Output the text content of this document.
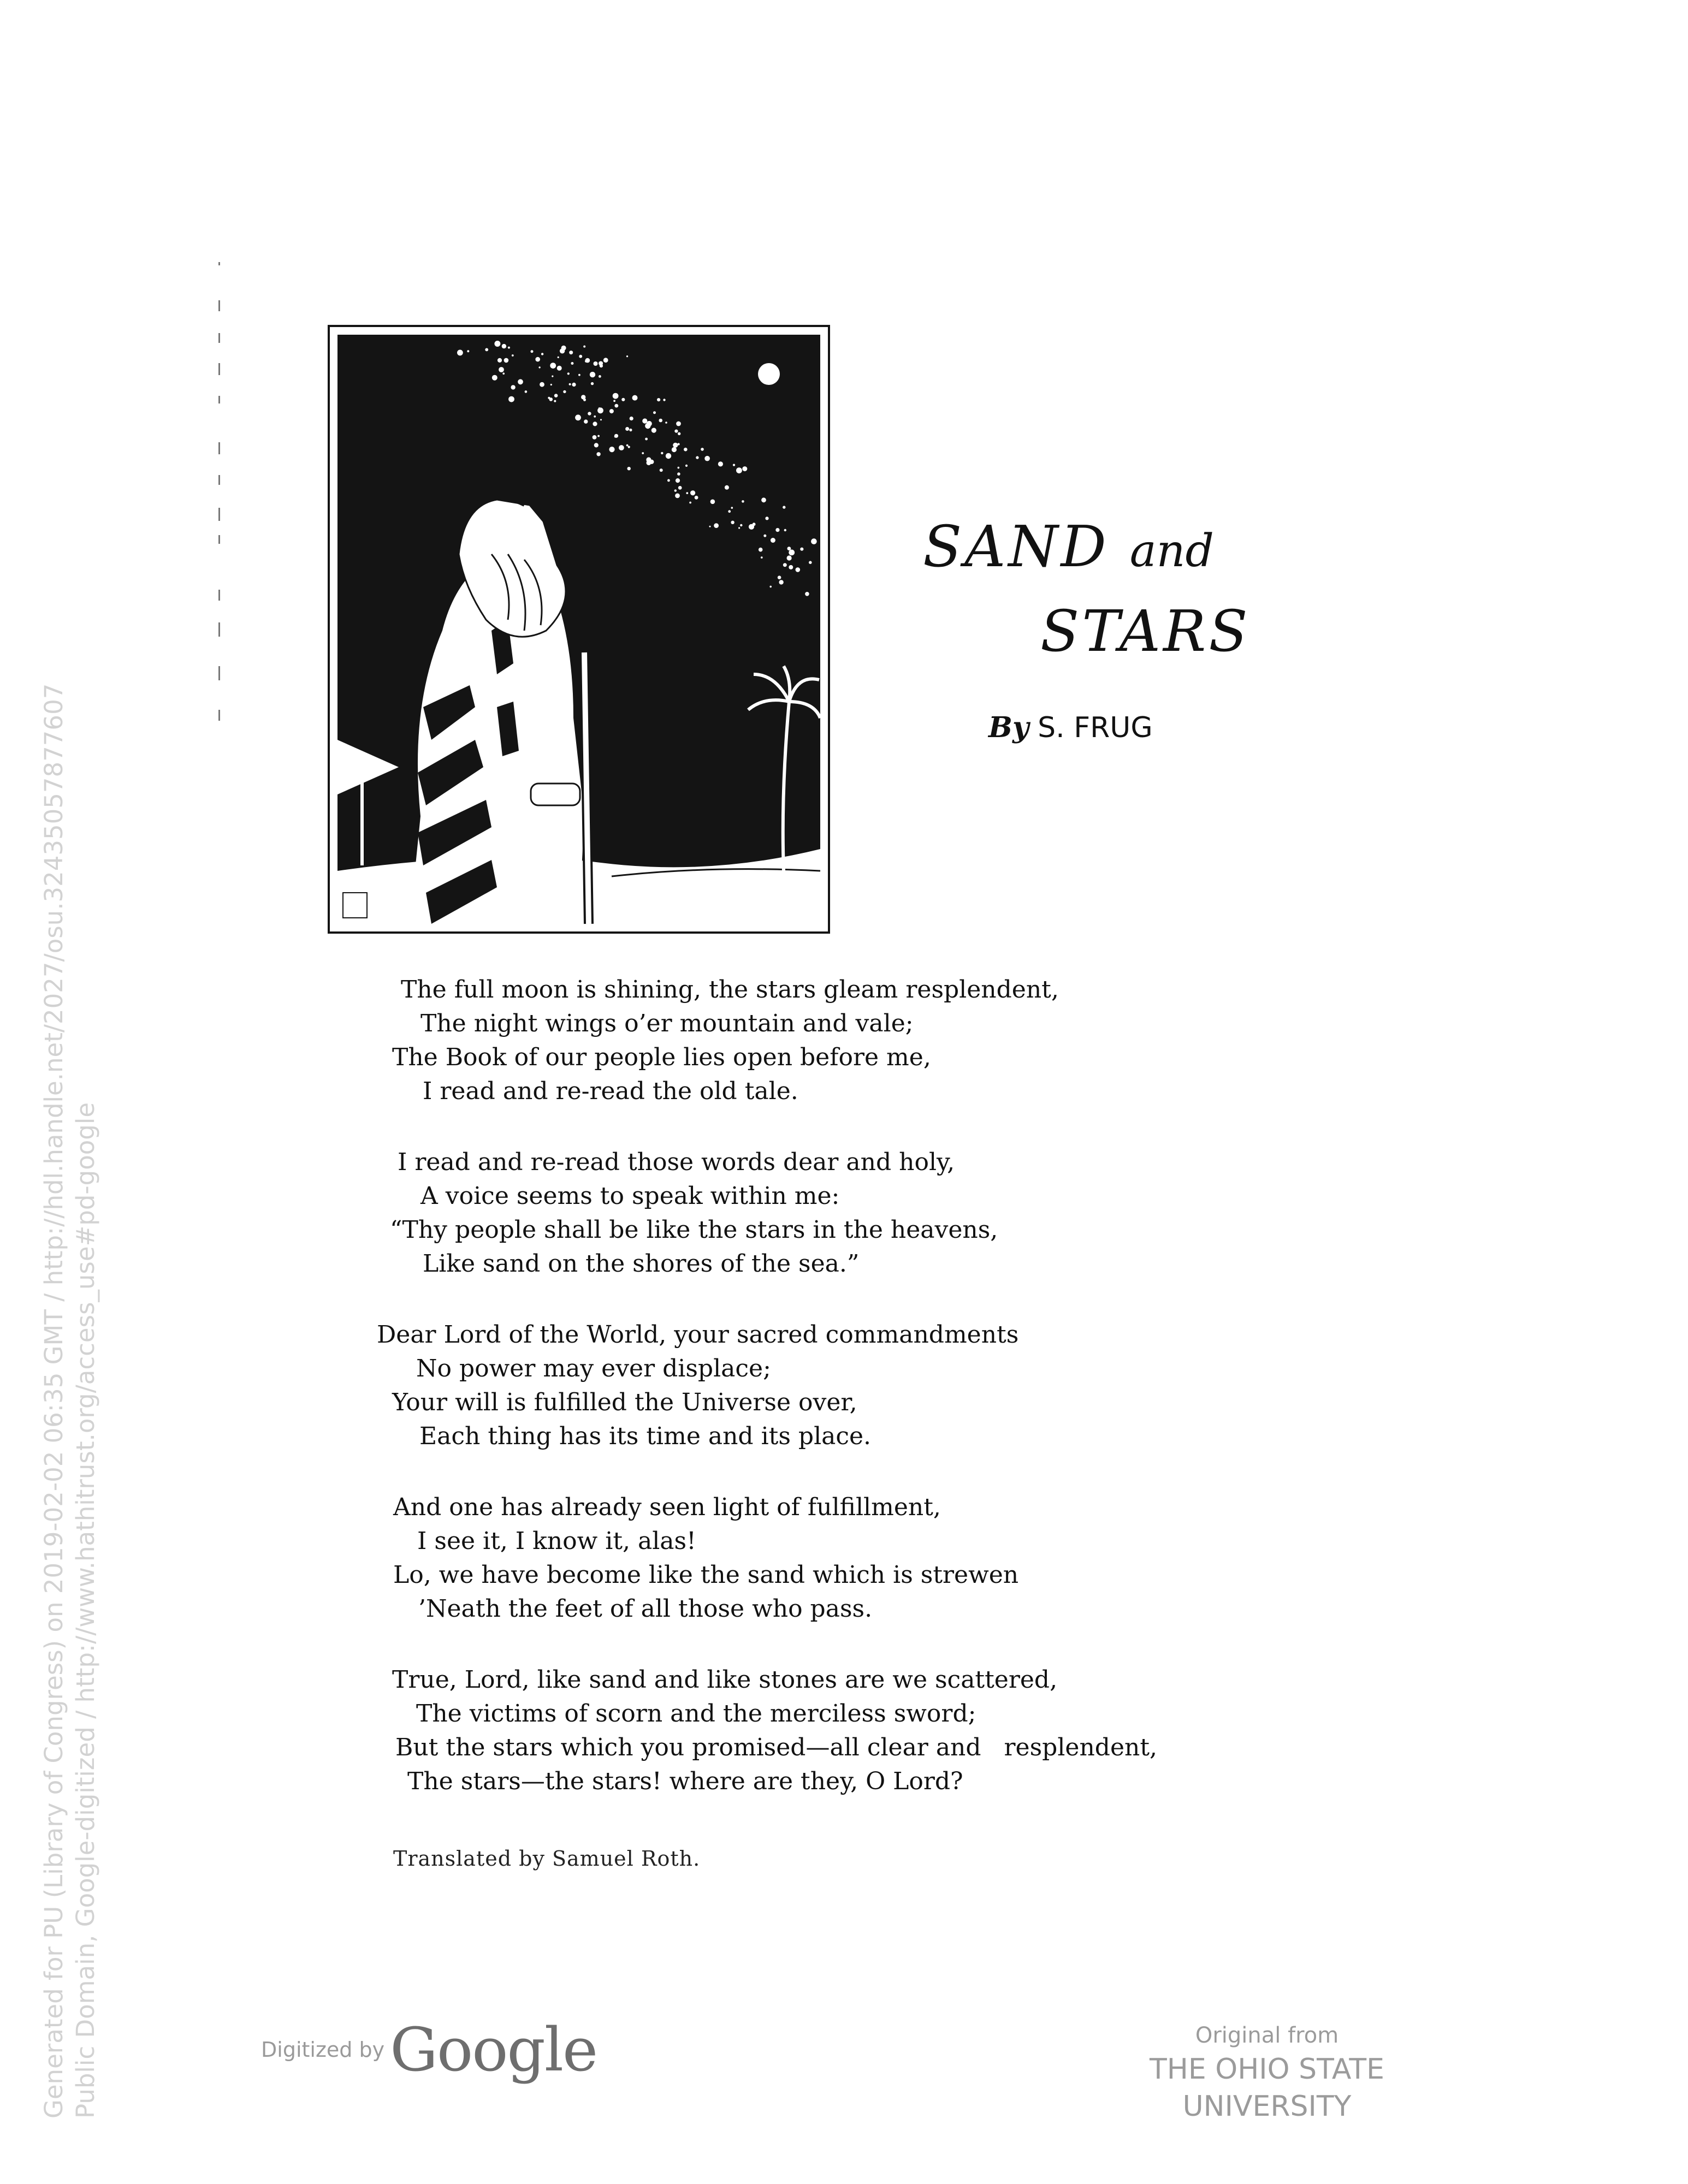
Generated for PU (Library of Congress) on 2019-02-02 06:35 GMT / http://hdl.handle.net/2027/osu.32435057877607 Public Domain, Google-digitized / http://www.hathitrust.org/access_use#pd-google
SAND and
STARS
By S. FRUG
The full moon is shining, the stars gleam resplendent,
The night wings o’er mountain and vale;
The Book of our people lies open before me,
I read and re-read the old tale.
I read and re-read those words dear and holy,
A voice seems to speak within me:
“Thy people shall be like the stars in the heavens,
Like sand on the shores of the sea.”
Dear Lord of the World, your sacred commandments
No power may ever displace;
Your will is fulfilled the Universe over,
Each thing has its time and its place.
And one has already seen light of fulfillment,
I see it, I know it, alas!
Lo, we have become like the sand which is strewen
’Neath the feet of all those who pass.
True, Lord, like sand and like stones are we scattered,
The victims of scorn and the merciless sword;
But the stars which you promised—all clear and   resplendent,
The stars—the stars! where are they, O Lord?
Translated by Samuel Roth.
Digitized byGoogle	Original from
THE OHIO STATE UNIVERSITY
